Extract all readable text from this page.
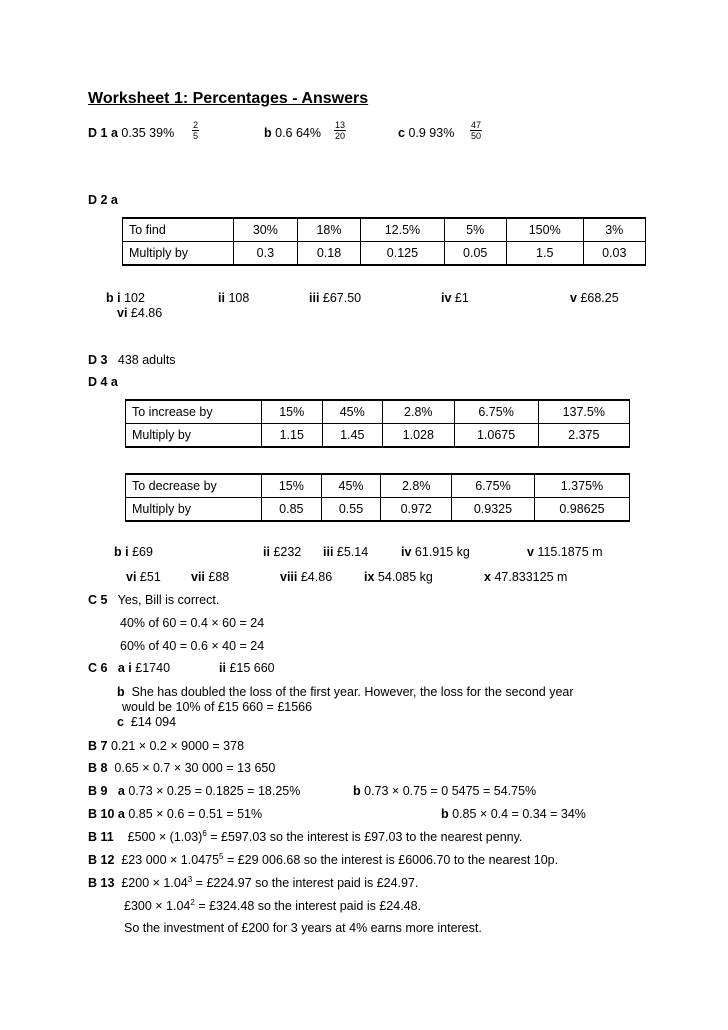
Worksheet 1: Percentages - Answers
D 1 a 0.35 $39\% \frac{2}{5}$	b 0.6 $64\% \frac{13}{20}$	c 0.9 $93\% \frac{47}{50}$
D 2 a
To find	30%	18%	12.5%	5%	150%	3%
Multiply by	0.3	0.18	0.125	0.05	1.5	0.03
b i 102	ii 108	iii £67.50	iv £1	v £68.25
vi £4.86
D 3 438 adults
D 4 a
To increase by	15%	45%	2.8%	6.75%	137.5%
Multiply by	1.15	1.45	1.028	1.0675	2.375
To decrease by	15%	45%	2.8%	6.75%	1.375%
Multiply by	0.85	0.55	0.972	0.9325	0.98625
b i £69	ii £232 iii £5.14	iv 61.915 kg	v 115.1875 m
vi £51 vii £88	viii £4.86	ix 54.085 kg	x 47.833125 m
C 5 Yes, Bill is correct.
40% of 60 = 0.4 × 60 = 24
60% of 40 = 0.6 × 40 = 24
C 6 a i £1740	ii £15 660
b She has doubled the loss of the first year. However, the loss for the second year
would be 10% of £15 660 = £1566
c £14 094
B 7 0.21 × 0.2 × 9000 = 378
B 8 0.65 × 0.7 × 30 000 = 13 650
B 9 a 0.73 × 0.25 = 0.1825 = 18.25%	b 0.73 × 0.75 = 0 5475 = 54.75%
B 10 a 0.85 × 0.6 = 0.51 = 51%	b 0.85 × 0.4 = 0.34 = 34%
B 11 £500 × $(1.03)^6$ = £597.03 so the interest is £97.03 to the nearest penny.
B 12 £23 $000 \times 1.0475^5$ = £29 006.68 so the interest is £6006.70 to the nearest 10p.
B 13 £200 × $1.04^3$ = £224.97 so the interest paid is £24.97.
£300 × $1.04^2$ = £324.48 so the interest paid is £24.48.
So the investment of £200 for 3 years at 4% earns more interest.
